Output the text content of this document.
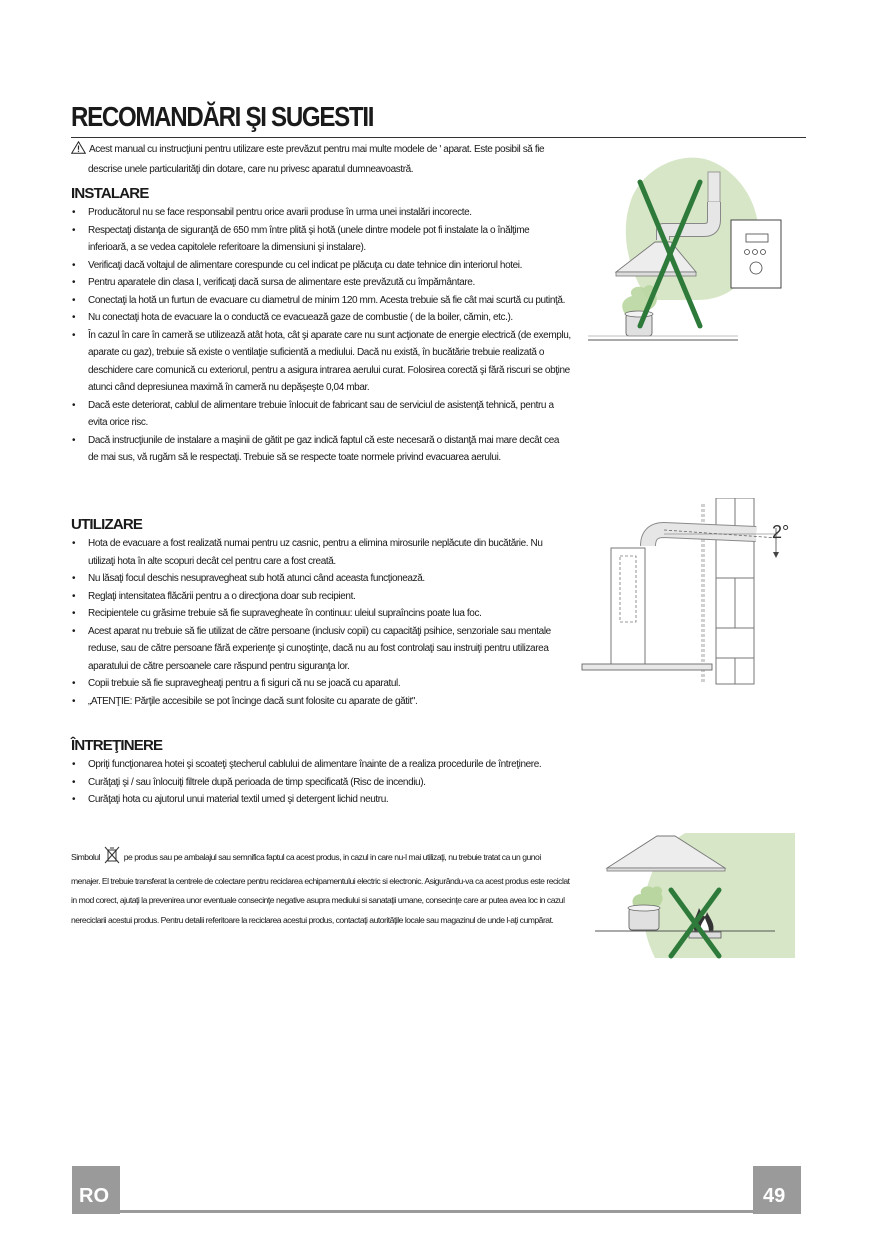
RECOMANDĂRI ŞI SUGESTII
Acest manual cu instrucţiuni pentru utilizare este prevăzut pentru mai multe modele de ' aparat. Este posibil să fie
descrise unele particularităţi din dotare, care nu privesc aparatul dumneavoastră.
INSTALARE
• Producătorul nu se face responsabil pentru orice avarii produse în urma unei instalări incorecte.
• Respectaţi distanţa de siguranţă de 650 mm între plită şi hotă (unele dintre modele pot fi instalate la o înălţime inferioară, a se vedea capitolele referitoare la dimensiuni şi instalare).
• Verificaţi dacă voltajul de alimentare corespunde cu cel indicat pe plăcuţa cu date tehnice din interiorul hotei.
• Pentru aparatele din clasa I, verificaţi dacă sursa de alimentare este prevăzută cu împământare.
• Conectaţi la hotă un furtun de evacuare cu diametrul de minim 120 mm. Acesta trebuie să fie cât mai scurtă cu putinţă.
• Nu conectaţi hota de evacuare la o conductă ce evacuează gaze de combustie ( de la boiler, cămin, etc.).
• În cazul în care în cameră se utilizează atât hota, cât şi aparate care nu sunt acţionate de energie electrică (de exemplu, aparate cu gaz), trebuie să existe o ventilaţie suficientă a mediului. Dacă nu există, în bucătărie trebuie realizată o deschidere care comunică cu exteriorul, pentru a asigura intrarea aerului curat. Folosirea corectă şi fără riscuri se obţine atunci când depresiunea maximă în cameră nu depăşeşte 0,04 mbar.
• Dacă este deteriorat, cablul de alimentare trebuie înlocuit de fabricant sau de serviciul de asistenţă tehnică, pentru a evita orice risc.
• Dacă instrucţiunile de instalare a maşinii de gătit pe gaz indică faptul că este necesară o distanţă mai mare decât cea de mai sus, vă rugăm să le respectaţi. Trebuie să se respecte toate normele privind evacuarea aerului.
UTILIZARE
• Hota de evacuare a fost realizată numai pentru uz casnic, pentru a elimina mirosurile neplăcute din bucătărie. Nu utilizaţi hota în alte scopuri decât cel pentru care a fost creată.
• Nu lăsaţi focul deschis nesupravegheat sub hotă atunci când aceasta funcţionează.
• Reglaţi intensitatea flăcării pentru a o direcţiona doar sub recipient.
• Recipientele cu grăsime trebuie să fie supravegheate în continuu: uleiul supraîncins poate lua foc.
• Acest aparat nu trebuie să fie utilizat de către persoane (inclusiv copii) cu capacităţi psihice, senzoriale sau mentale reduse, sau de către persoane fără experienţe şi cunoştinţe, dacă nu au fost controlaţi sau instruiţi pentru utilizarea aparatului de către persoanele care răspund pentru siguranţa lor.
• Copii trebuie să fie supravegheaţi pentru a fi siguri că nu se joacă cu aparatul.
• „ATENŢIE: Părţile accesibile se pot încinge dacă sunt folosite cu aparate de gătit".
ÎNTREŢINERE
• Opriţi funcţionarea hotei şi scoateţi ştecherul cablului de alimentare înainte de a realiza procedurile de întreţinere.
• Curăţaţi şi / sau înlocuiţi filtrele după perioada de timp specificată (Risc de incendiu).
• Curăţaţi hota cu ajutorul unui material textil umed şi detergent lichid neutru.
Simbolul	pe produs sau pe ambalajul sau semnifica faptul ca acest produs, in cazul in care nu-l mai utilizaţi, nu trebuie tratat ca un gunoi menajer. El trebuie transferat la centrele de colectare pentru reciclarea echipamentului electric si electronic. Asigurându-va ca acest produs este reciclat in mod corect, ajutaţi la prevenirea unor eventuale consecinţe negative asupra mediului si sanataţii umane, consecinţe care ar putea avea loc in cazul nereciclarii acestui produs. Pentru detalii referitoare la reciclarea acestui produs, contactaţi autorităţile locale sau magazinul de unde l-aţi cumpărat.
2°
RO	49
